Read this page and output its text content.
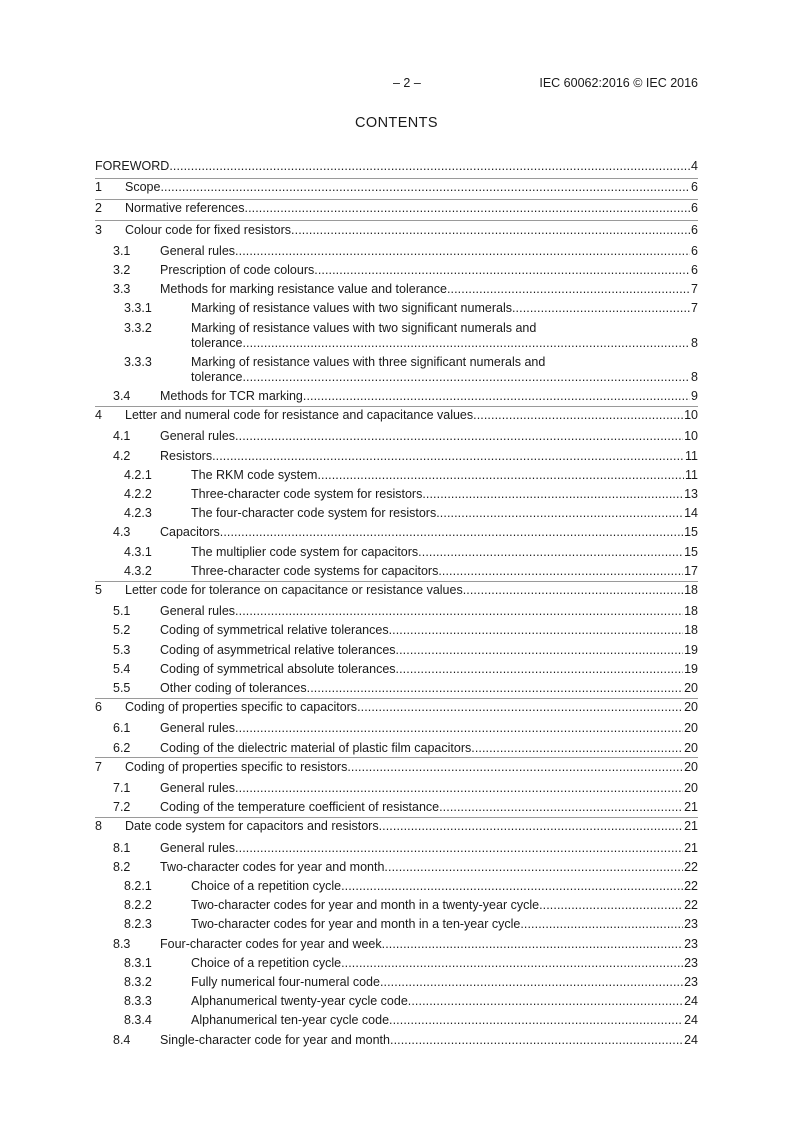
– 2 –	IEC 60062:2016 © IEC 2016
CONTENTS
FOREWORD .....	4
1 Scope .....	6
2 Normative references .....	6
3 Colour code for fixed resistors .....	6
3.1 General rules .....	6
3.2 Prescription of code colours .....	6
3.3 Methods for marking resistance value and tolerance .....	7
3.3.1	Marking of resistance values with two significant numerals .....	7
3.3.2	Marking of resistance values with two significant numerals and
tolerance .....	8
3.3.3	Marking of resistance values with three significant numerals and
tolerance .....	8
3.4 Methods for TCR marking .....	9
4 Letter and numeral code for resistance and capacitance values .....	10
4.1 General rules .....	10
4.2 Resistors .....	11
4.2.1	The RKM code system .....	11
4.2.2	Three-character code system for resistors .....	13
4.2.3	The four-character code system for resistors .....	14
4.3 Capacitors .....	15
4.3.1	The multiplier code system for capacitors .....	15
4.3.2	Three-character code systems for capacitors .....	17
5 Letter code for tolerance on capacitance or resistance values .....	18
5.1 General rules .....	18
5.2 Coding of symmetrical relative tolerances .....	18
5.3 Coding of asymmetrical relative tolerances .....	19
5.4 Coding of symmetrical absolute tolerances .....	19
5.5 Other coding of tolerances .....	20
6 Coding of properties specific to capacitors .....	20
6.1 General rules .....	20
6.2 Coding of the dielectric material of plastic film capacitors .....	20
7 Coding of properties specific to resistors .....	20
7.1 General rules .....	20
7.2 Coding of the temperature coefficient of resistance .....	21
8 Date code system for capacitors and resistors .....	21
8.1 General rules .....	21
8.2 Two-character codes for year and month .....	22
8.2.1	Choice of a repetition cycle .....	22
8.2.2	Two-character codes for year and month in a twenty-year cycle .....	22
8.2.3	Two-character codes for year and month in a ten-year cycle .....	23
8.3 Four-character codes for year and week .....	23
8.3.1	Choice of a repetition cycle .....	23
8.3.2	Fully numerical four-numeral code .....	23
8.3.3	Alphanumerical twenty-year cycle code .....	24
8.3.4	Alphanumerical ten-year cycle code .....	24
8.4 Single-character code for year and month .....	24
